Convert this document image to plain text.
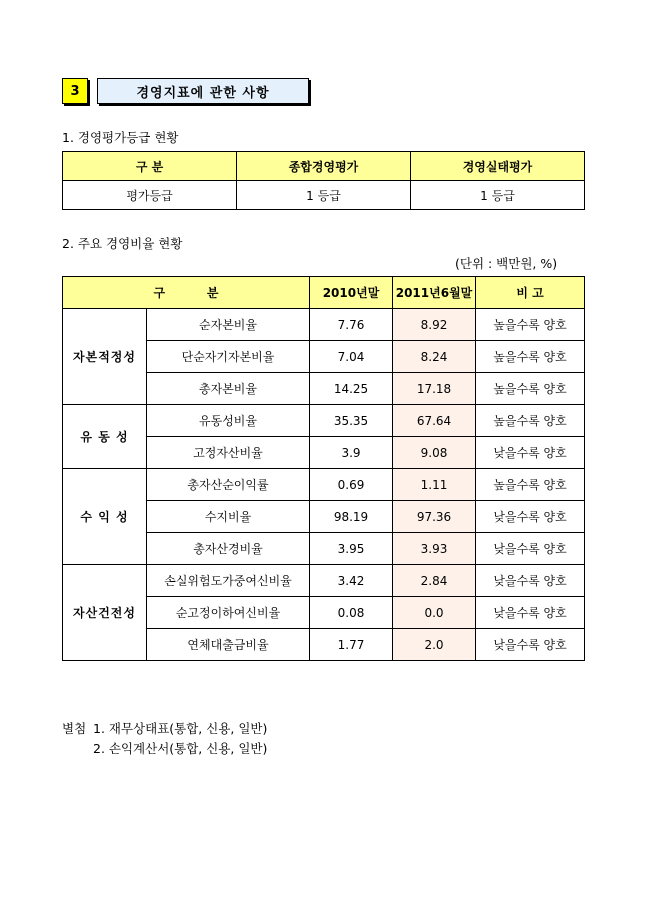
3	경영지표에 관한 사항
1. 경영평가등급 현황
구 분	종합경영평가	경영실태평가
평가등급	1 등급	1 등급
2. 주요 경영비율 현황
(단위 : 백만원, %)
구          분		2010년말	2011년6월말	비 고
자본적정성	순자본비율	7.76	8.92	높을수록 양호
	단순자기자본비율	7.04	8.24	높을수록 양호
	총자본비율	14.25	17.18	높을수록 양호
유 동 성	유동성비율	35.35	67.64	높을수록 양호
	고정자산비율	3.9	9.08	낮을수록 양호
수 익 성	총자산순이익률	0.69	1.11	높을수록 양호
	수지비율	98.19	97.36	낮을수록 양호
	총자산경비율	3.95	3.93	낮을수록 양호
자산건전성	손실위험도가중여신비율	3.42	2.84	낮을수록 양호
	순고정이하여신비율	0.08	0.0	낮을수록 양호
	연체대출금비율	1.77	2.0	낮을수록 양호
별첨 1. 재무상태표(통합, 신용, 일반)
2. 손익계산서(통합, 신용, 일반)
